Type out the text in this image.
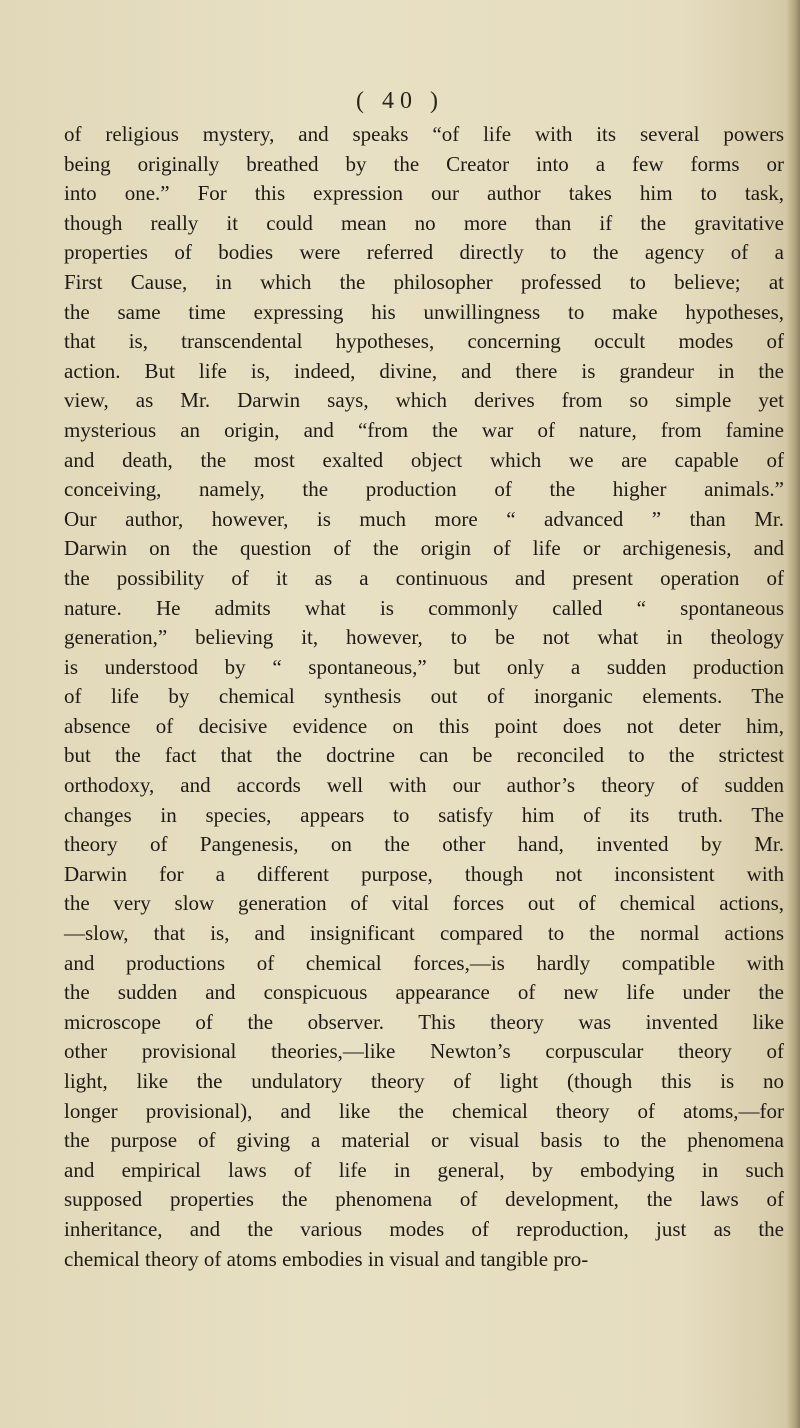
( 40 )
of religious mystery, and speaks “of life with its several powers
being originally breathed by the Creator into a few forms or
into one.” For this expression our author takes him to task,
though really it could mean no more than if the gravitative
properties of bodies were referred directly to the agency of a
First Cause, in which the philosopher professed to believe; at
the same time expressing his unwillingness to make hypotheses,
that is, transcendental hypotheses, concerning occult modes of
action. But life is, indeed, divine, and there is grandeur in the
view, as Mr. Darwin says, which derives from so simple yet
mysterious an origin, and “from the war of nature, from famine
and death, the most exalted object which we are capable of
conceiving, namely, the production of the higher animals.”
Our author, however, is much more “ advanced ” than Mr.
Darwin on the question of the origin of life or archigenesis, and
the possibility of it as a continuous and present operation of
nature. He admits what is commonly called “ spontaneous
generation,” believing it, however, to be not what in theology
is understood by “ spontaneous,” but only a sudden production
of life by chemical synthesis out of inorganic elements. The
absence of decisive evidence on this point does not deter him,
but the fact that the doctrine can be reconciled to the strictest
orthodoxy, and accords well with our author’s theory of sudden
changes in species, appears to satisfy him of its truth. The
theory of Pangenesis, on the other hand, invented by Mr.
Darwin for a different purpose, though not inconsistent with
the very slow generation of vital forces out of chemical actions,
—slow, that is, and insignificant compared to the normal actions
and productions of chemical forces,—is hardly compatible with
the sudden and conspicuous appearance of new life under the
microscope of the observer. This theory was invented like
other provisional theories,—like Newton’s corpuscular theory of
light, like the undulatory theory of light (though this is no
longer provisional), and like the chemical theory of atoms,—for
the purpose of giving a material or visual basis to the phenomena
and empirical laws of life in general, by embodying in such
supposed properties the phenomena of development, the laws of
inheritance, and the various modes of reproduction, just as the
chemical theory of atoms embodies in visual and tangible pro-
